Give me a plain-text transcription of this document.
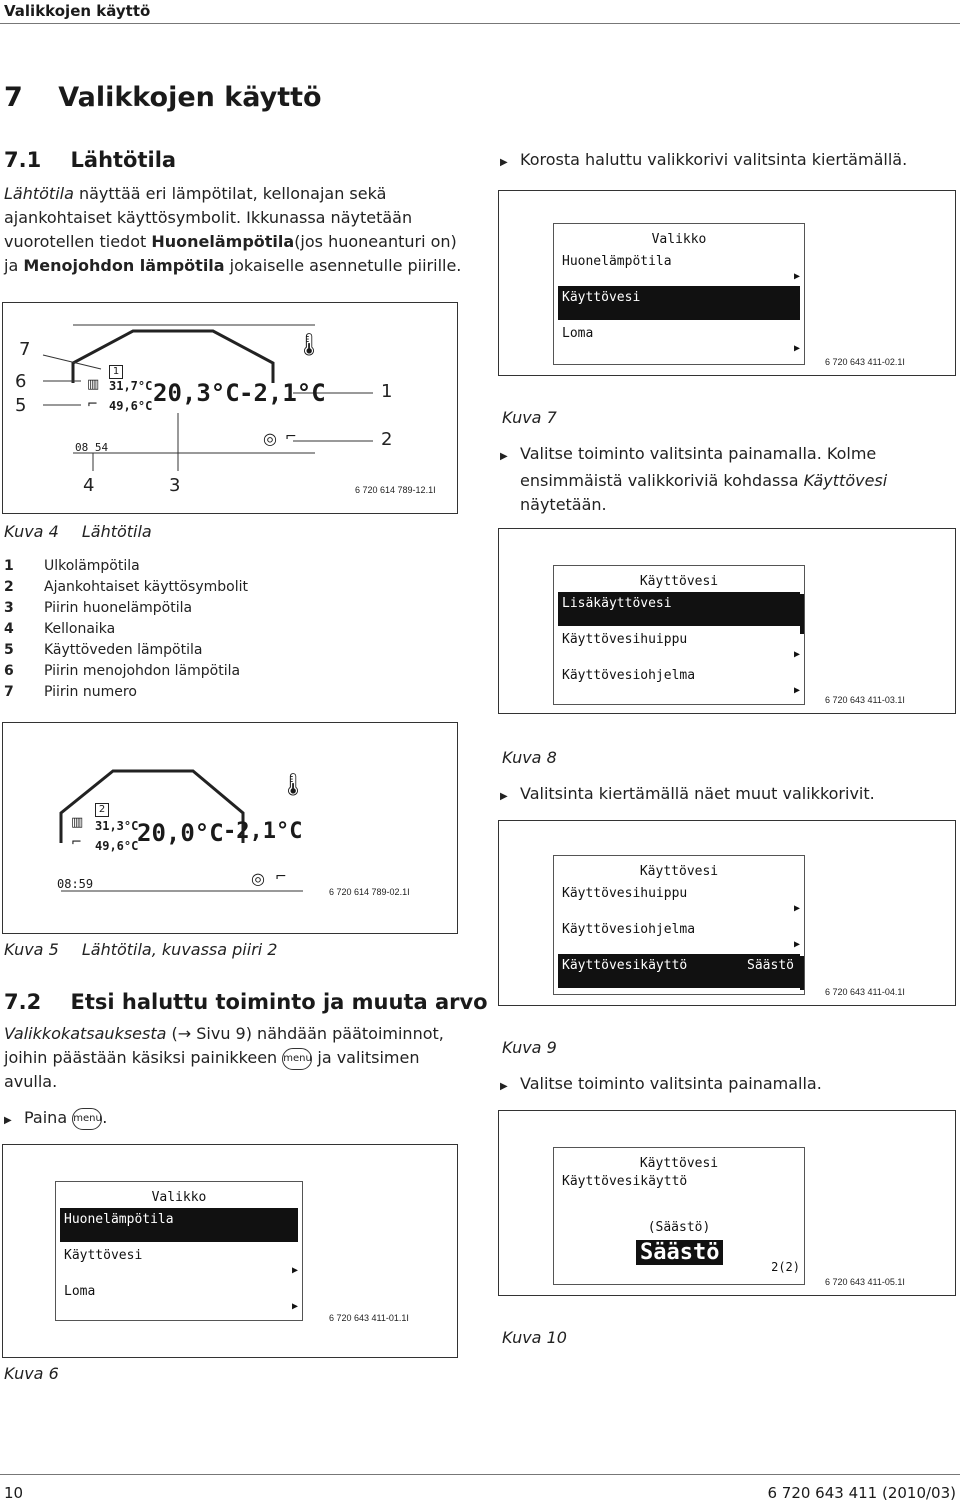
Valikkojen käyttö
7 Valikkojen käyttö
7.1 Lähtötila
Lähtötila näyttää eri lämpötilat, kellonajan sekä
ajankohtaiset käyttösymbolit. Ikkunassa näytetään
vuorotellen tiedot Huonelämpötila(jos huoneanturi on)
ja Menojohdon lämpötila jokaiselle asennetulle piirille.
7
6
5
1
2
4	3
1
▥ 31,7°C
⌐ 49,6°C 20,3°C -2,1°C
🌡
◎ ⌐
08 54
6 720 614 789-12.1I
Kuva 4 Lähtötila
1 Ulkolämpötila
2 Ajankohtaiset käyttösymbolit
3 Piirin huonelämpötila
4 Kellonaika
5 Käyttöveden lämpötila
6 Piirin menojohdon lämpötila
7 Piirin numero
2
▥ 31,3°C
⌐ 49,6°C
20,0°C -2,1°C
🌡
◎ ⌐
08:59
6 720 614 789-02.1I
Kuva 5 Lähtötila, kuvassa piiri 2
7.2 Etsi haluttu toiminto ja muuta arvo
Valikkokatsauksesta (→ Sivu 9) nähdään päätoiminnot,
joihin päästään käsiksi painikkeen menu ja valitsimen
avulla.
▶ Paina menu.
Valikko
Huonelämpötila
Käyttövesi
▶
Loma
▶
6 720 643 411-01.1I
Kuva 6
▶ Korosta haluttu valikkorivi valitsinta kiertämällä.
Valikko
Huonelämpötila
▶
Käyttövesi
Loma
▶
6 720 643 411-02.1I
Kuva 7
▶ Valitse toiminto valitsinta painamalla. Kolme
ensimmäistä valikkoriviä kohdassa Käyttövesi
näytetään.
Käyttövesi
Lisäkäyttövesi
Käyttövesihuippu
▶
Käyttövesiohjelma
▶
6 720 643 411-03.1I
Kuva 8
▶ Valitsinta kiertämällä näet muut valikkorivit.
Käyttövesi
Käyttövesihuippu
▶
Käyttövesiohjelma
▶
Käyttövesikäyttö	Säästö
6 720 643 411-04.1I
Kuva 9
▶ Valitse toiminto valitsinta painamalla.
Käyttövesi
Käyttövesikäyttö
(Säästö)
Säästö
2(2)
6 720 643 411-05.1I
Kuva 10
10	6 720 643 411 (2010/03)
